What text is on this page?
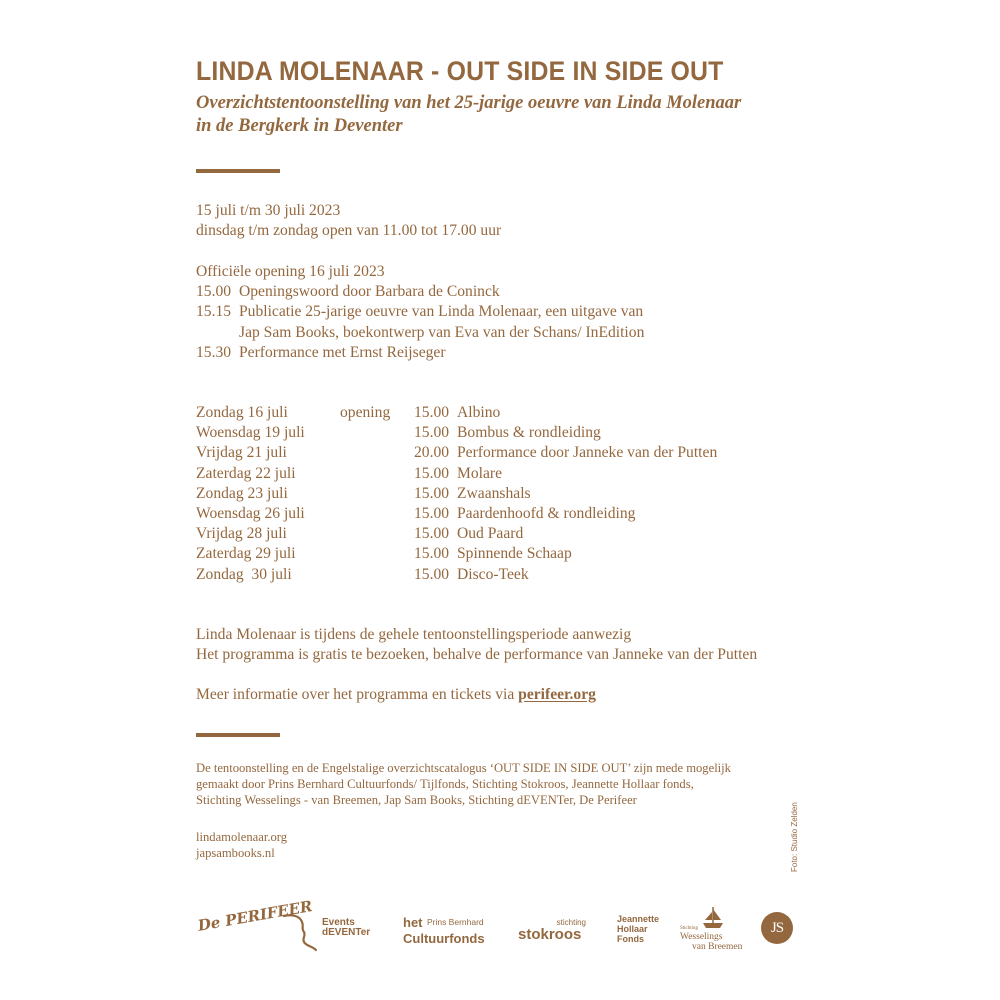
LINDA MOLENAAR - OUT SIDE IN SIDE OUT
Overzichtstentoonstelling van het 25-jarige oeuvre van Linda Molenaar
in de Bergkerk in Deventer
15 juli t/m 30 juli 2023
dinsdag t/m zondag open van 11.00 tot 17.00 uur
Officiële opening 16 juli 2023
15.00 Openingswoord door Barbara de Coninck
15.15 Publicatie 25-jarige oeuvre van Linda Molenaar, een uitgave van
Jap Sam Books, boekontwerp van Eva van der Schans/ InEdition
15.30 Performance met Ernst Reijseger
Zondag 16 juli	opening 15.00 Albino
Woensdag 19 juli	15.00 Bombus & rondleiding
Vrijdag 21 juli	20.00 Performance door Janneke van der Putten
Zaterdag 22 juli	15.00 Molare
Zondag 23 juli	15.00 Zwaanshals
Woensdag 26 juli	15.00 Paardenhoofd & rondleiding
Vrijdag 28 juli	15.00 Oud Paard
Zaterdag 29 juli	15.00 Spinnende Schaap
Zondag  30 juli	15.00 Disco-Teek
Linda Molenaar is tijdens de gehele tentoonstellingsperiode aanwezig
Het programma is gratis te bezoeken, behalve de performance van Janneke van der Putten
Meer informatie over het programma en tickets via perifeer.org
De tentoonstelling en de Engelstalige overzichtscatalogus ‘OUT SIDE IN SIDE OUT’ zijn mede mogelijk
gemaakt door Prins Bernhard Cultuurfonds/ Tijlfonds, Stichting Stokroos, Jeannette Hollaar fonds,
Stichting Wesselings - van Breemen, Jap Sam Books, Stichting dEVENTer, De Perifeer
lindamolenaar.org
japsambooks.nl	Foto: Studio Zelden
De PERIFEER Events
dEVENTer
het Prins Bernhard
Cultuurfonds
stichting
stokroos
Jeannette
Hollaar
Fonds
Stichting
Wesselings
van Breemen
JS
